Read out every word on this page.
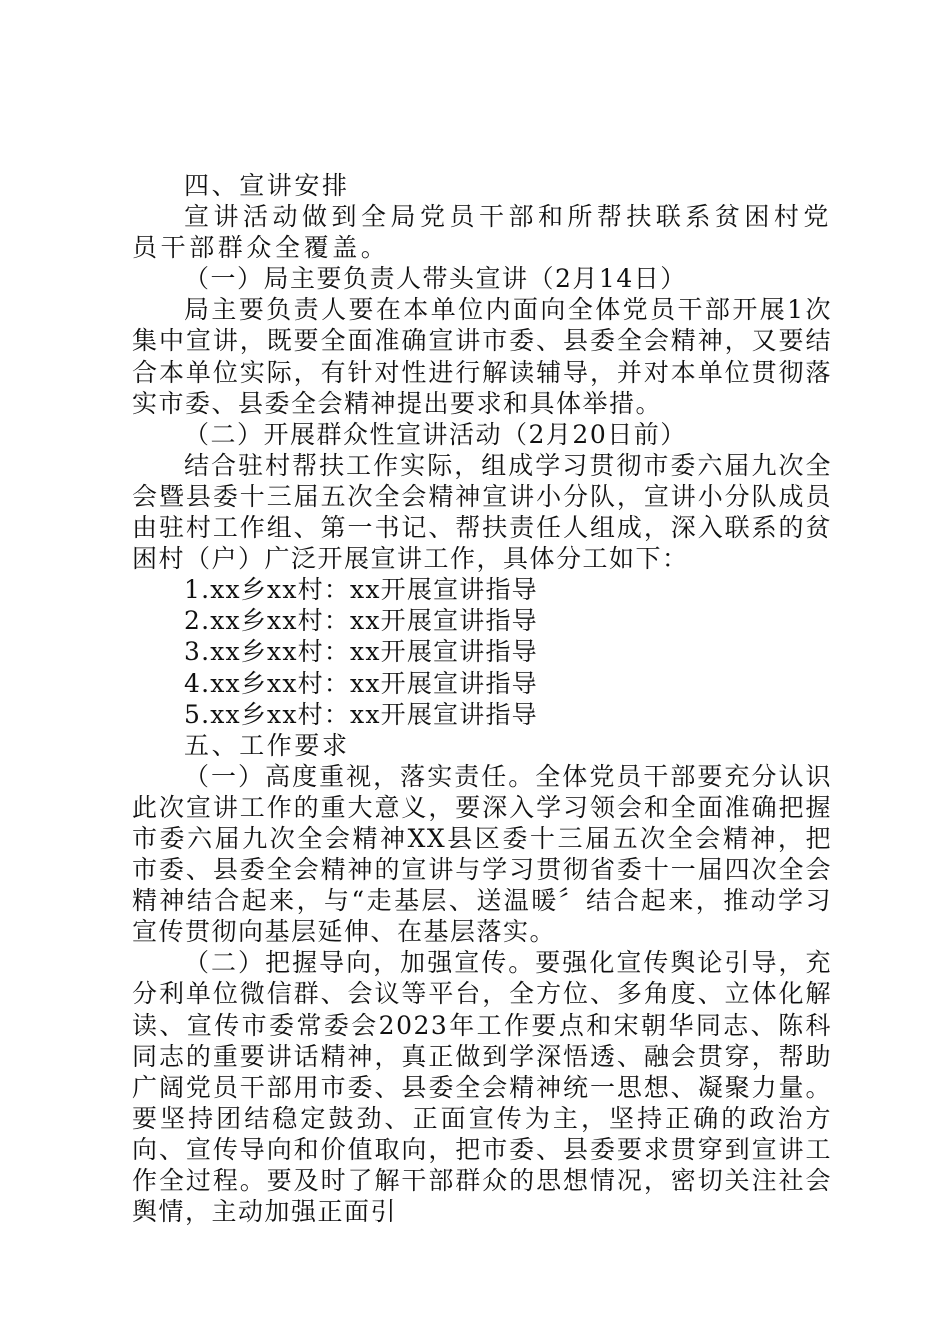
四、宣讲安排

宣讲活动做到全局党员干部和所帮扶联系贫困村党员干部群众全覆盖。

（一）局主要负责人带头宣讲（2月14日）

局主要负责人要在本单位内面向全体党员干部开展1次集中宣讲，既要全面准确宣讲市委、县委全会精神，又要结合本单位实际，有针对性进行解读辅导，并对本单位贯彻落实市委、县委全会精神提出要求和具体举措。

（二）开展群众性宣讲活动（2月20日前）

结合驻村帮扶工作实际，组成学习贯彻市委六届九次全会暨县委十三届五次全会精神宣讲小分队，宣讲小分队成员由驻村工作组、第一书记、帮扶责任人组成，深入联系的贫困村（户）广泛开展宣讲工作，具体分工如下：

1.xx乡xx村：xx开展宣讲指导

2.xx乡xx村：xx开展宣讲指导

3.xx乡xx村：xx开展宣讲指导

4.xx乡xx村：xx开展宣讲指导

5.xx乡xx村：xx开展宣讲指导

五、工作要求

（一）高度重视，落实责任。全体党员干部要充分认识此次宣讲工作的重大意义，要深入学习领会和全面准确把握市委六届九次全会精神XX县区委十三届五次全会精神，把市委、县委全会精神的宣讲与学习贯彻省委十一届四次全会精神结合起来，与“走基层、送温暖〞结合起来，推动学习宣传贯彻向基层延伸、在基层落实。

（二）把握导向，加强宣传。要强化宣传舆论引导，充分利单位微信群、会议等平台，全方位、多角度、立体化解读、宣传市委常委会2023年工作要点和宋朝华同志、陈科同志的重要讲话精神，真正做到学深悟透、融会贯穿，帮助广阔党员干部用市委、县委全会精神统一思想、凝聚力量。要坚持团结稳定鼓劲、正面宣传为主，坚持正确的政治方向、宣传导向和价值取向，把市委、县委要求贯穿到宣讲工作全过程。要及时了解干部群众的思想情况，密切关注社会舆情，主动加强正面引
